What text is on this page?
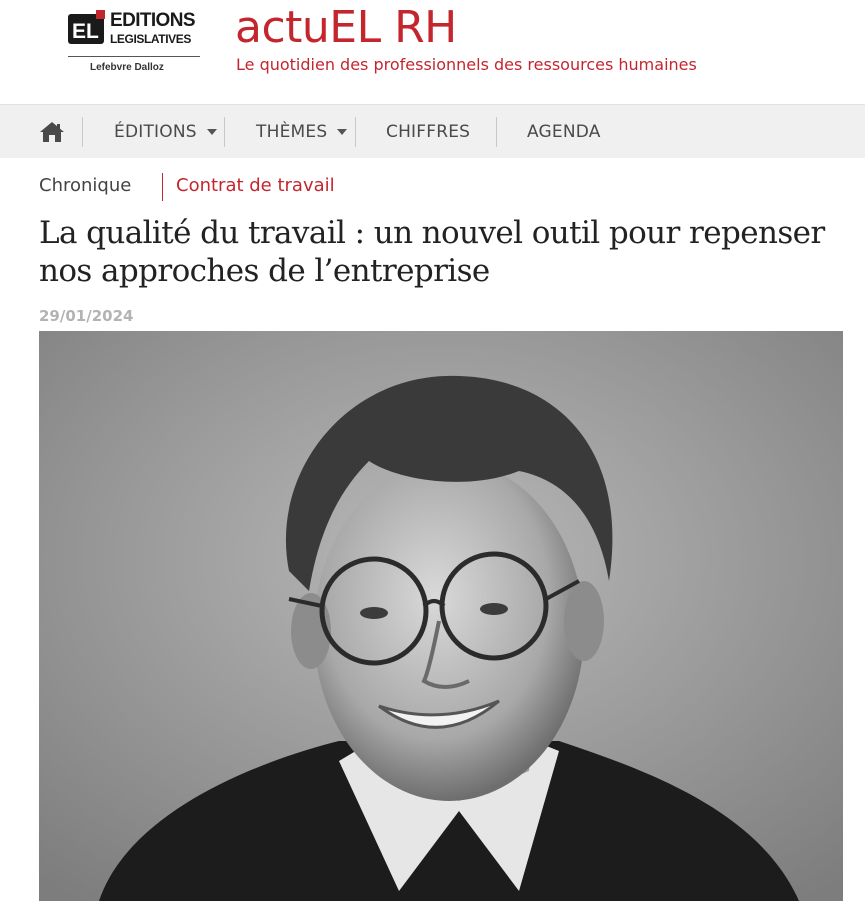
EL EDITIONS
LEGISLATIVES
Lefebvre Dalloz
actuEL RH
Le quotidien des professionnels des ressources humaines
ÉDITIONS	THÈMES	CHIFFRES	AGENDA
Chronique Contrat de travail
La qualité du travail : un nouvel outil pour repenser nos approches de l’entreprise
29/01/2024
